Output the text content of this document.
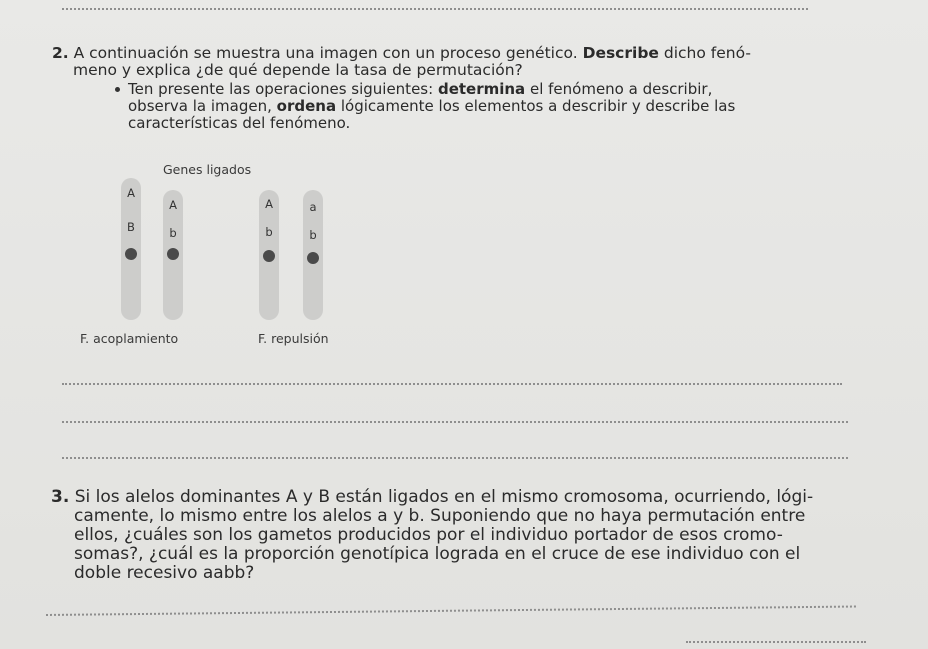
2. A continuación se muestra una imagen con un proceso genético. Describe dicho fenó-
meno y explica ¿de qué depende la tasa de permutación?
Ten presente las operaciones siguientes: determina el fenómeno a describir,
observa la imagen, ordena lógicamente los elementos a describir y describe las
características del fenómeno.
Genes ligados
A
B
A
b
F. acoplamiento
A
b
a
b
F. repulsión
3. Si los alelos dominantes A y B están ligados en el mismo cromosoma, ocurriendo, lógi-
camente, lo mismo entre los alelos a y b. Suponiendo que no haya permutación entre
ellos, ¿cuáles son los gametos producidos por el individuo portador de esos cromo-
somas?, ¿cuál es la proporción genotípica lograda en el cruce de ese individuo con el
doble recesivo aabb?
